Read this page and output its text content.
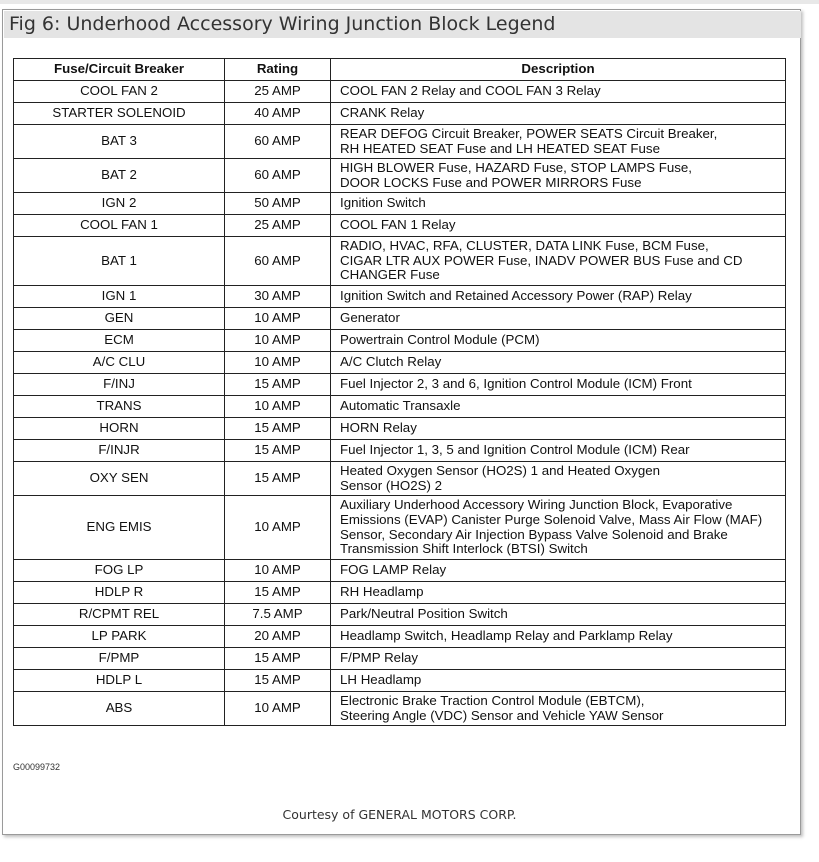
Fig 6: Underhood Accessory Wiring Junction Block Legend
Fuse/Circuit Breaker	Rating	Description
COOL FAN 2	25 AMP	COOL FAN 2 Relay and COOL FAN 3 Relay

STARTER SOLENOID	40 AMP	CRANK Relay

BAT 3	60 AMP	REAR DEFOG Circuit Breaker, POWER SEATS Circuit Breaker,
RH HEATED SEAT Fuse and LH HEATED SEAT Fuse

BAT 2	60 AMP	HIGH BLOWER Fuse, HAZARD Fuse, STOP LAMPS Fuse,
DOOR LOCKS Fuse and POWER MIRRORS Fuse

IGN 2	50 AMP	Ignition Switch

COOL FAN 1	25 AMP	COOL FAN 1 Relay

BAT 1	60 AMP	RADIO, HVAC, RFA, CLUSTER, DATA LINK Fuse, BCM Fuse,
CIGAR LTR AUX POWER Fuse, INADV POWER BUS Fuse and CD
CHANGER Fuse

IGN 1	30 AMP	Ignition Switch and Retained Accessory Power (RAP) Relay

GEN	10 AMP	Generator

ECM	10 AMP	Powertrain Control Module (PCM)

A/C CLU	10 AMP	A/C Clutch Relay

F/INJ	15 AMP	Fuel Injector 2, 3 and 6, Ignition Control Module (ICM) Front

TRANS	10 AMP	Automatic Transaxle

HORN	15 AMP	HORN Relay

F/INJR	15 AMP	Fuel Injector 1, 3, 5 and Ignition Control Module (ICM) Rear

OXY SEN	15 AMP	Heated Oxygen Sensor (HO2S) 1 and Heated Oxygen
Sensor (HO2S) 2

ENG EMIS	10 AMP	Auxiliary Underhood Accessory Wiring Junction Block, Evaporative
Emissions (EVAP) Canister Purge Solenoid Valve, Mass Air Flow (MAF)
Sensor, Secondary Air Injection Bypass Valve Solenoid and Brake
Transmission Shift Interlock (BTSI) Switch

FOG LP	10 AMP	FOG LAMP Relay

HDLP R	15 AMP	RH Headlamp

R/CPMT REL	7.5 AMP	Park/Neutral Position Switch

LP PARK	20 AMP	Headlamp Switch, Headlamp Relay and Parklamp Relay

F/PMP	15 AMP	F/PMP Relay

HDLP L	15 AMP	LH Headlamp

ABS	10 AMP	Electronic Brake Traction Control Module (EBTCM),
Steering Angle (VDC) Sensor and Vehicle YAW Sensor
G00099732
Courtesy of GENERAL MOTORS CORP.
